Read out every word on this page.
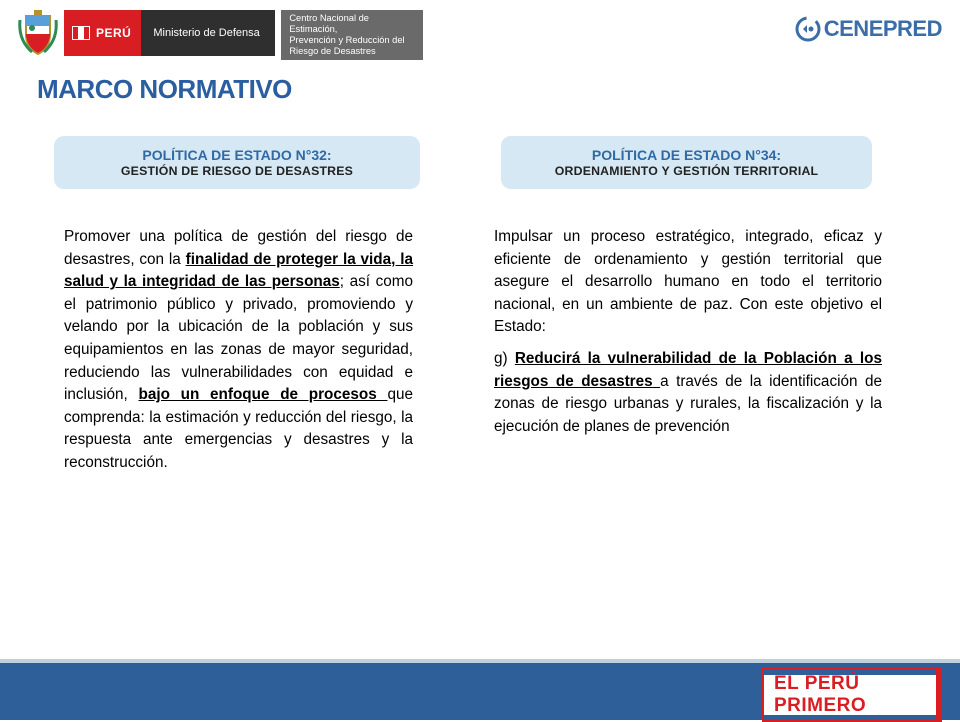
PERÚ	Ministerio de Defensa
Centro Nacional de Estimación,
Prevención y Reducción del
Riesgo de Desastres
CENEPRED
MARCO NORMATIVO
POLÍTICA DE ESTADO N°32:
GESTIÓN DE RIESGO DE DESASTRES
POLÍTICA DE ESTADO N°34:
ORDENAMIENTO Y GESTIÓN TERRITORIAL

Promover una política de gestión del riesgo de desastres, con la finalidad de proteger la vida, la salud y la integridad de las personas; así como el patrimonio público y privado, promoviendo y velando por la ubicación de la población y sus equipamientos en las zonas de mayor seguridad, reduciendo las vulnerabilidades con equidad e inclusión, bajo un enfoque de procesos que comprenda: la estimación y reducción del riesgo, la respuesta ante emergencias y desastres y la reconstrucción.

Impulsar un proceso estratégico, integrado, eficaz y eficiente de ordenamiento y gestión territorial que asegure el desarrollo humano en todo el territorio nacional, en un ambiente de paz. Con este objetivo el Estado:

g) Reducirá la vulnerabilidad de la Población a los riesgos de desastres a través de la identificación de zonas de riesgo urbanas y rurales, la fiscalización y la ejecución de planes de prevención

EL PERÚ PRIMERO
